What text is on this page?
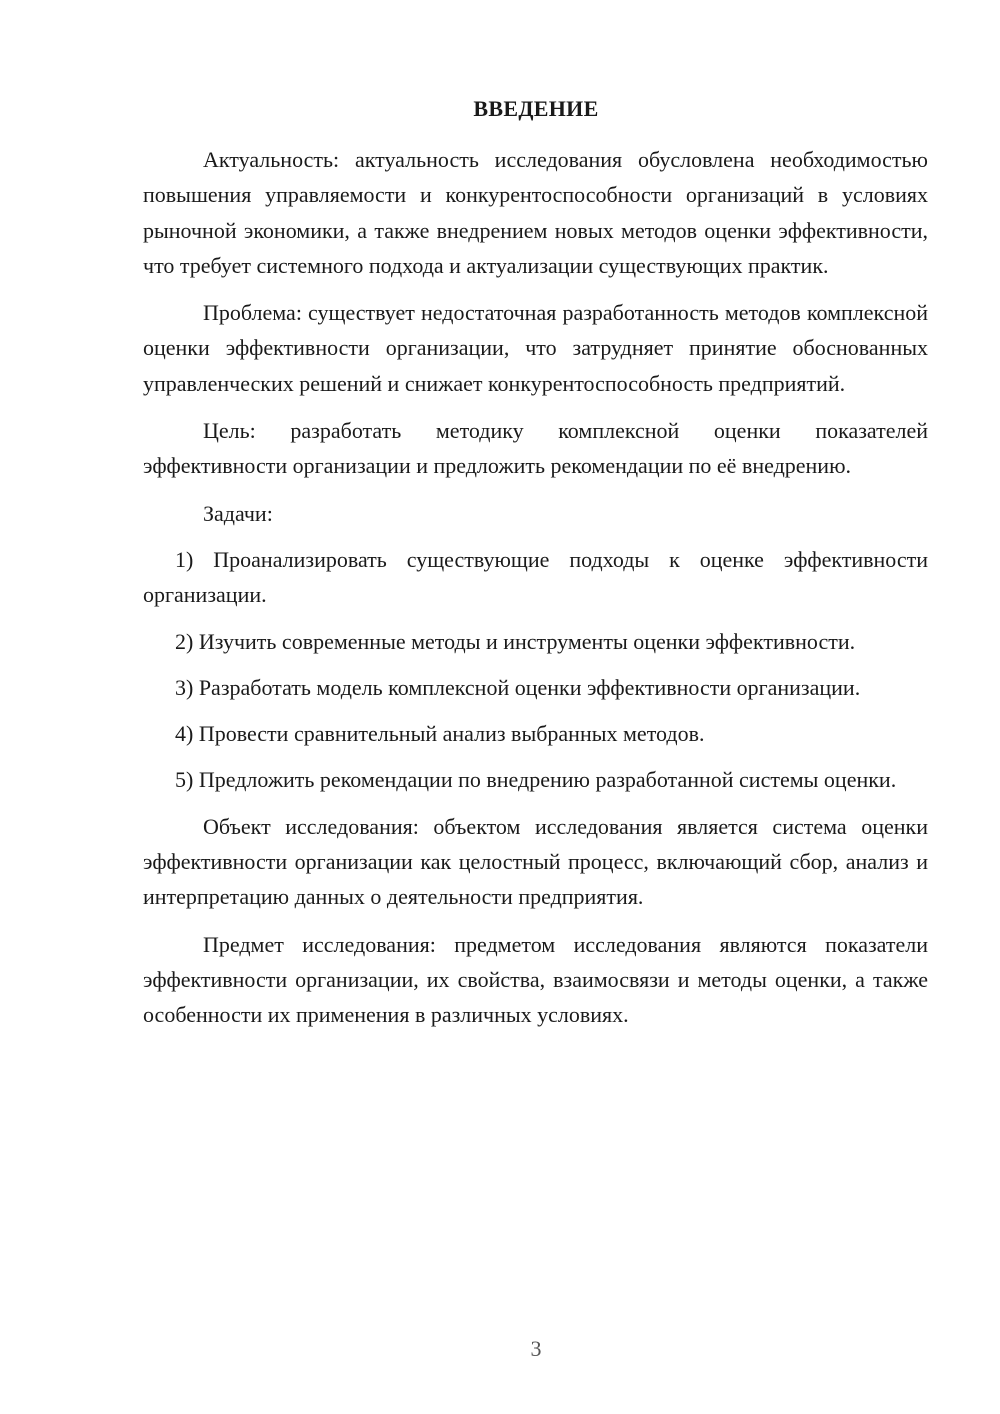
ВВЕДЕНИЕ

Актуальность: актуальность исследования обусловлена необходимостью повышения управляемости и конкурентоспособности организаций в условиях рыночной экономики, а также внедрением новых методов оценки эффективности, что требует системного подхода и актуализации существующих практик.

Проблема: существует недостаточная разработанность методов комплексной оценки эффективности организации, что затрудняет принятие обоснованных управленческих решений и снижает конкурентоспособность предприятий.

Цель: разработать методику комплексной оценки показателей эффективности организации и предложить рекомендации по её внедрению.

Задачи:

1) Проанализировать существующие подходы к оценке эффективности организации.

2) Изучить современные методы и инструменты оценки эффективности.

3) Разработать модель комплексной оценки эффективности организации.

4) Провести сравнительный анализ выбранных методов.

5) Предложить рекомендации по внедрению разработанной системы оценки.

Объект исследования: объектом исследования является система оценки эффективности организации как целостный процесс, включающий сбор, анализ и интерпретацию данных о деятельности предприятия.

Предмет исследования: предметом исследования являются показатели эффективности организации, их свойства, взаимосвязи и методы оценки, а также особенности их применения в различных условиях.

3
